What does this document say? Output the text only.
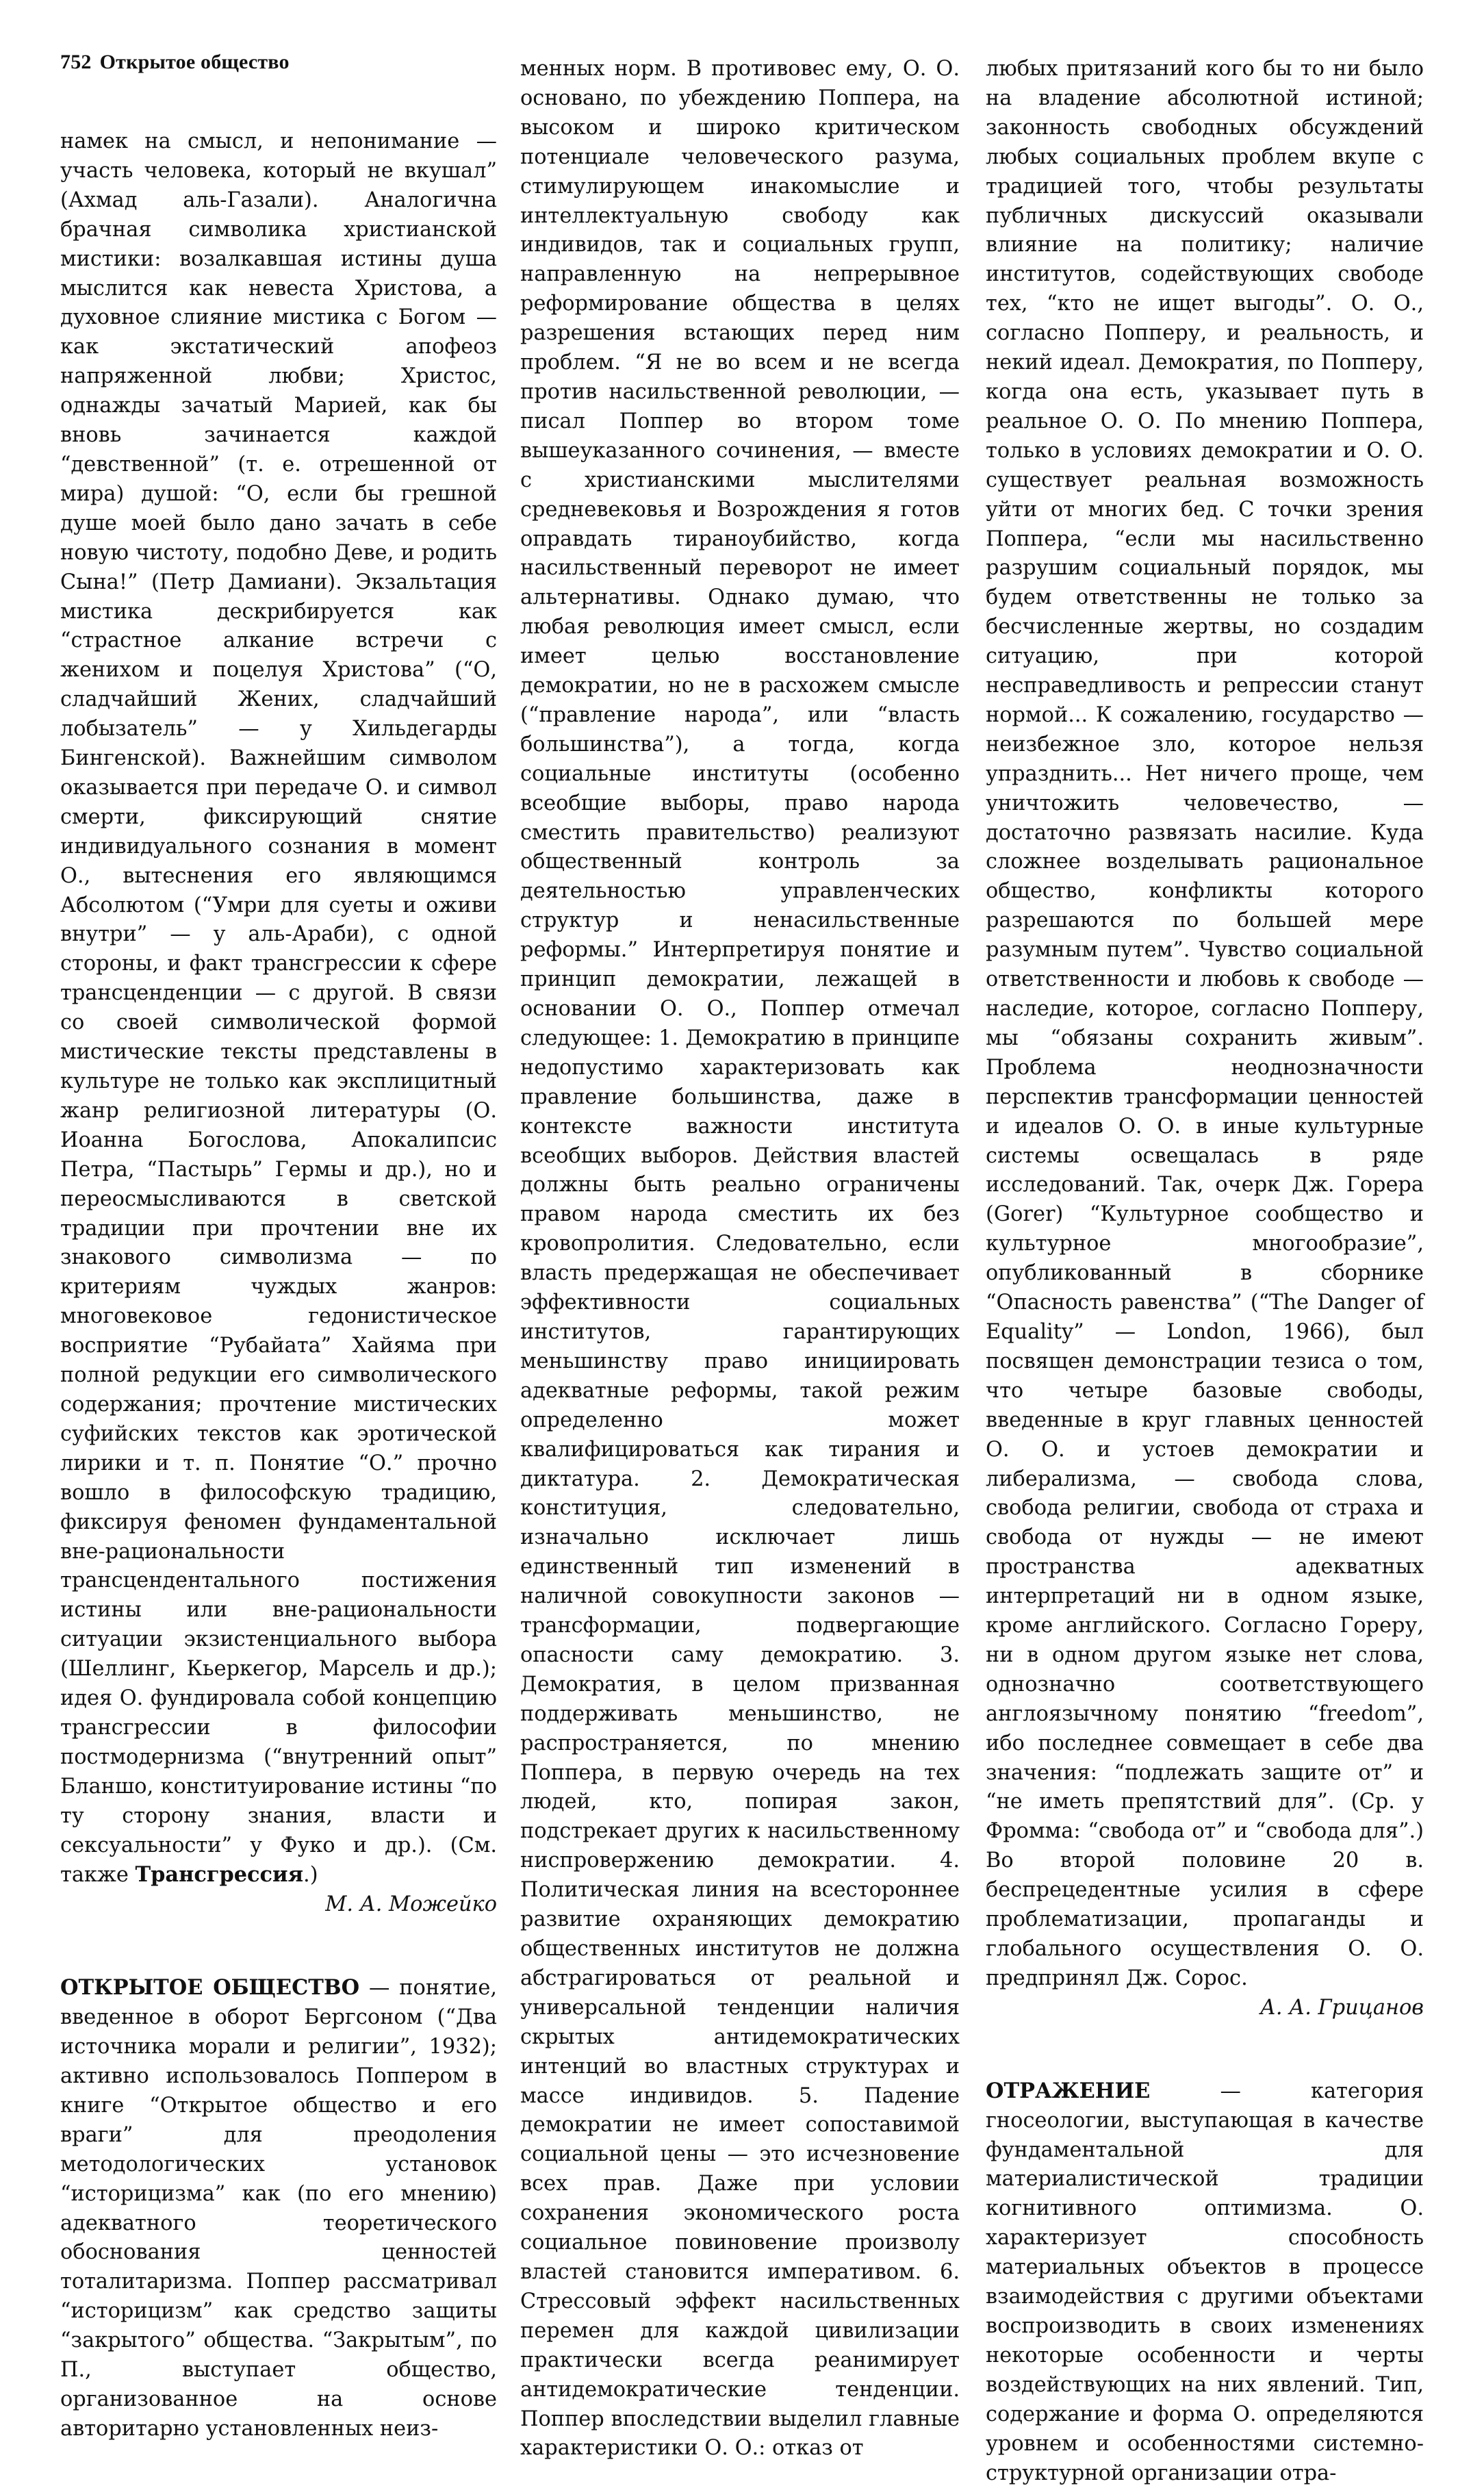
752 Открытое общество

намек на смысл, и непонимание — участь человека, который не вкушал” (Ахмад аль-Газали). Аналогична брачная символика христианской мистики: возалкавшая истины душа мыслится как невеста Христова, а духовное слияние мистика с Богом — как экстатический апофеоз напряженной любви; Христос, однажды зачатый Марией, как бы вновь зачинается каждой “девственной” (т. е. отрешенной от мира) душой: “О, если бы грешной душе моей было дано зачать в себе новую чистоту, подобно Деве, и родить Сына!” (Петр Дамиани). Экзальтация мистика дескрибируется как “страстное алкание встречи с женихом и поцелуя Христова” (“О, сладчайший Жених, сладчайший лобызатель” — у Хильдегарды Бингенской). Важнейшим символом оказывается при передаче О. и символ смерти, фиксирующий снятие индивидуального сознания в момент О., вытеснения его являющимся Абсолютом (“Умри для суеты и оживи внутри” — у аль-Араби), с одной стороны, и факт трансгрессии к сфере трансценденции — с другой. В связи со своей символической формой мистические тексты представлены в культуре не только как эксплицитный жанр религиозной литературы (О. Иоанна Богослова, Апокалипсис Петра, “Пастырь” Гермы и др.), но и переосмысливаются в светской традиции при прочтении вне их знакового символизма — по критериям чуждых жанров: многовековое гедонистическое восприятие “Рубайата” Хайяма при полной редукции его символического содержания; прочтение мистических суфийских текстов как эротической лирики и т. п. Понятие “О.” прочно вошло в философскую традицию, фиксируя феномен фундаментальной вне-рациональности трансцендентального постижения истины или вне-рациональности ситуации экзистенциального выбора (Шеллинг, Кьеркегор, Марсель и др.); идея О. фундировала собой концепцию трансгрессии в философии постмодернизма (“внутренний опыт” Бланшо, конституирование истины “по ту сторону знания, власти и сексуальности” у Фуко и др.). (См. также Трансгрессия.)

М. А. Можейко

ОТКРЫТОЕ ОБЩЕСТВО — понятие, введенное в оборот Бергсоном (“Два источника морали и религии”, 1932); активно использовалось Поппером в книге “Открытое общество и его враги” для преодоления методологических установок “историцизма” как (по его мнению) адекватного теоретического обоснования ценностей тоталитаризма. Поппер рассматривал “историцизм” как средство защиты “закрытого” общества. “Закрытым”, по П., выступает общество, организованное на основе авторитарно установленных неиз-

менных норм. В противовес ему, О. О. основано, по убеждению Поппера, на высоком и широко критическом потенциале человеческого разума, стимулирующем инакомыслие и интеллектуальную свободу как индивидов, так и социальных групп, направленную на непрерывное реформирование общества в целях разрешения встающих перед ним проблем. “Я не во всем и не всегда против насильственной революции, — писал Поппер во втором томе вышеуказанного сочинения, — вместе с христианскими мыслителями средневековья и Возрождения я готов оправдать тираноубийство, когда насильственный переворот не имеет альтернативы. Однако думаю, что любая революция имеет смысл, если имеет целью восстановление демократии, но не в расхожем смысле (“правление народа”, или “власть большинства”), а тогда, когда социальные институты (особенно всеобщие выборы, право народа сместить правительство) реализуют общественный контроль за деятельностью управленческих структур и ненасильственные реформы.” Интерпретируя понятие и принцип демократии, лежащей в основании О. О., Поппер отмечал следующее: 1. Демократию в принципе недопустимо характеризовать как правление большинства, даже в контексте важности института всеобщих выборов. Действия властей должны быть реально ограничены правом народа сместить их без кровопролития. Следовательно, если власть предержащая не обеспечивает эффективности социальных институтов, гарантирующих меньшинству право инициировать адекватные реформы, такой режим определенно может квалифицироваться как тирания и диктатура. 2. Демократическая конституция, следовательно, изначально исключает лишь единственный тип изменений в наличной совокупности законов — трансформации, подвергающие опасности саму демократию. 3. Демократия, в целом призванная поддерживать меньшинство, не распространяется, по мнению Поппера, в первую очередь на тех людей, кто, попирая закон, подстрекает других к насильственному ниспровержению демократии. 4. Политическая линия на всестороннее развитие охраняющих демократию общественных институтов не должна абстрагироваться от реальной и универсальной тенденции наличия скрытых антидемократических интенций во властных структурах и массе индивидов. 5. Падение демократии не имеет сопоставимой социальной цены — это исчезновение всех прав. Даже при условии сохранения экономического роста социальное повиновение произволу властей становится императивом. 6. Стрессовый эффект насильственных перемен для каждой цивилизации практически всегда реанимирует антидемократические тенденции. Поппер впоследствии выделил главные характеристики О. О.: отказ от

любых притязаний кого бы то ни было на владение абсолютной истиной; законность свободных обсуждений любых социальных проблем вкупе с традицией того, чтобы результаты публичных дискуссий оказывали влияние на политику; наличие институтов, содействующих свободе тех, “кто не ищет выгоды”. О. О., согласно Попперу, и реальность, и некий идеал. Демократия, по Попперу, когда она есть, указывает путь в реальное О. О. По мнению Поппера, только в условиях демократии и О. О. существует реальная возможность уйти от многих бед. С точки зрения Поппера, “если мы насильственно разрушим социальный порядок, мы будем ответственны не только за бесчисленные жертвы, но создадим ситуацию, при которой несправедливость и репрессии станут нормой... К сожалению, государство — неизбежное зло, которое нельзя упразднить... Нет ничего проще, чем уничтожить человечество, — достаточно развязать насилие. Куда сложнее возделывать рациональное общество, конфликты которого разрешаются по большей мере разумным путем”. Чувство социальной ответственности и любовь к свободе — наследие, которое, согласно Попперу, мы “обязаны сохранить живым”. Проблема неоднозначности перспектив трансформации ценностей и идеалов О. О. в иные культурные системы освещалась в ряде исследований. Так, очерк Дж. Горера (Gorer) “Культурное сообщество и культурное многообразие”, опубликованный в сборнике “Опасность равенства” (“The Danger of Equality” — London, 1966), был посвящен демонстрации тезиса о том, что четыре базовые свободы, введенные в круг главных ценностей О. О. и устоев демократии и либерализма, — свобода слова, свобода религии, свобода от страха и свобода от нужды — не имеют пространства адекватных интерпретаций ни в одном языке, кроме английского. Согласно Гореру, ни в одном другом языке нет слова, однозначно соответствующего англоязычному понятию “freedom”, ибо последнее совмещает в себе два значения: “подлежать защите от” и “не иметь препятствий для”. (Ср. у Фромма: “свобода от” и “свобода для”.) Во второй половине 20 в. беспрецедентные усилия в сфере проблематизации, пропаганды и глобального осуществления О. О. предпринял Дж. Сорос.

А. А. Грицанов

ОТРАЖЕНИЕ — категория гносеологии, выступающая в качестве фундаментальной для материалистической традиции когнитивного оптимизма. О. характеризует способность материальных объектов в процессе взаимодействия с другими объектами воспроизводить в своих изменениях некоторые особенности и черты воздействующих на них явлений. Тип, содержание и форма О. определяются уровнем и особенностями системно-структурной организации отра-
